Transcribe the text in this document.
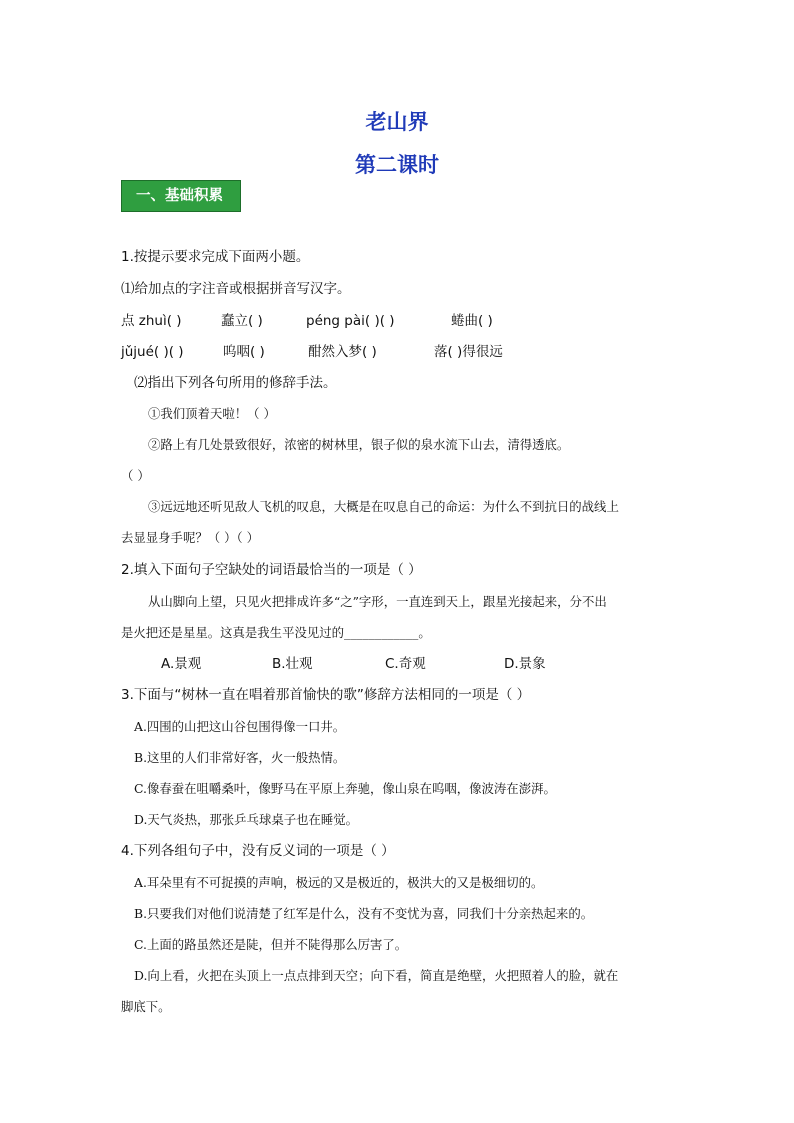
老山界
第二课时
一、基础积累
1.按提示要求完成下面两小题。
⑴给加点的字注音或根据拼音写汉字。
点 zhuì( )	蠢立( )	péng pài( )( )	蜷曲( )
jǔjué( )( )	呜咽( )	酣然入梦( )	落( )得很远
⑵指出下列各句所用的修辞手法。
①我们顶着天啦！（ ）
②路上有几处景致很好，浓密的树林里，银子似的泉水流下山去，清得透底。
（ ）
③远远地还听见敌人飞机的叹息，大概是在叹息自己的命运：为什么不到抗日的战线上
去显显身手呢？（ ）（ ）
2.填入下面句子空缺处的词语最恰当的一项是（ ）
从山脚向上望，只见火把排成许多“之”字形，一直连到天上，跟星光接起来，分不出
是火把还是星星。这真是我生平没见过的____________。
A.景观	B.壮观	C.奇观	D.景象
3.下面与“树林一直在唱着那首愉快的歌”修辞方法相同的一项是（ ）
A.四围的山把这山谷包围得像一口井。
B.这里的人们非常好客，火一般热情。
C.像春蚕在咀嚼桑叶，像野马在平原上奔驰，像山泉在呜咽，像波涛在澎湃。
D.天气炎热，那张乒乓球桌子也在睡觉。
4.下列各组句子中，没有反义词的一项是（ ）
A.耳朵里有不可捉摸的声响，极远的又是极近的，极洪大的又是极细切的。
B.只要我们对他们说清楚了红军是什么，没有不变忧为喜，同我们十分亲热起来的。
C.上面的路虽然还是陡，但并不陡得那么厉害了。
D.向上看，火把在头顶上一点点排到天空；向下看，简直是绝壁，火把照着人的脸，就在
脚底下。
